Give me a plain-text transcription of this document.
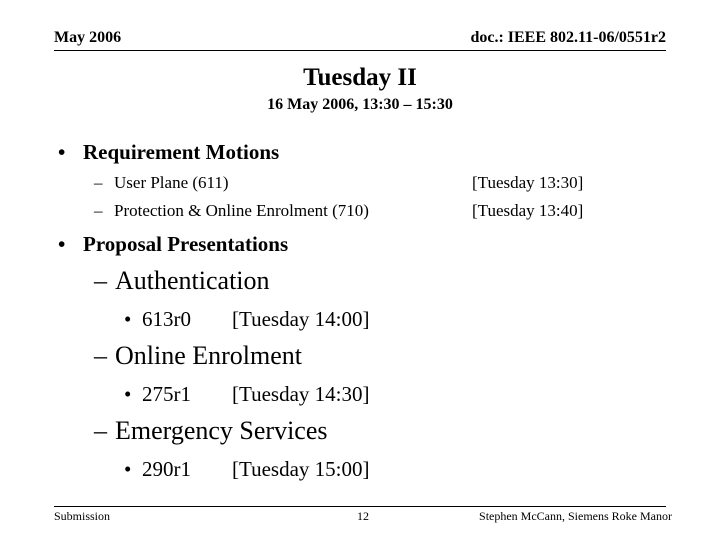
May 2006	doc.: IEEE 802.11-06/0551r2
Tuesday II
16 May 2006, 13:30 – 15:30
• Requirement Motions
– User Plane (611)	[Tuesday 13:30]
– Protection & Online Enrolment (710)	[Tuesday 13:40]
• Proposal Presentations
– Authentication
• 613r0 [Tuesday 14:00]
– Online Enrolment
• 275r1 [Tuesday 14:30]
– Emergency Services
• 290r1 [Tuesday 15:00]
Submission	12	Stephen McCann, Siemens Roke Manor
